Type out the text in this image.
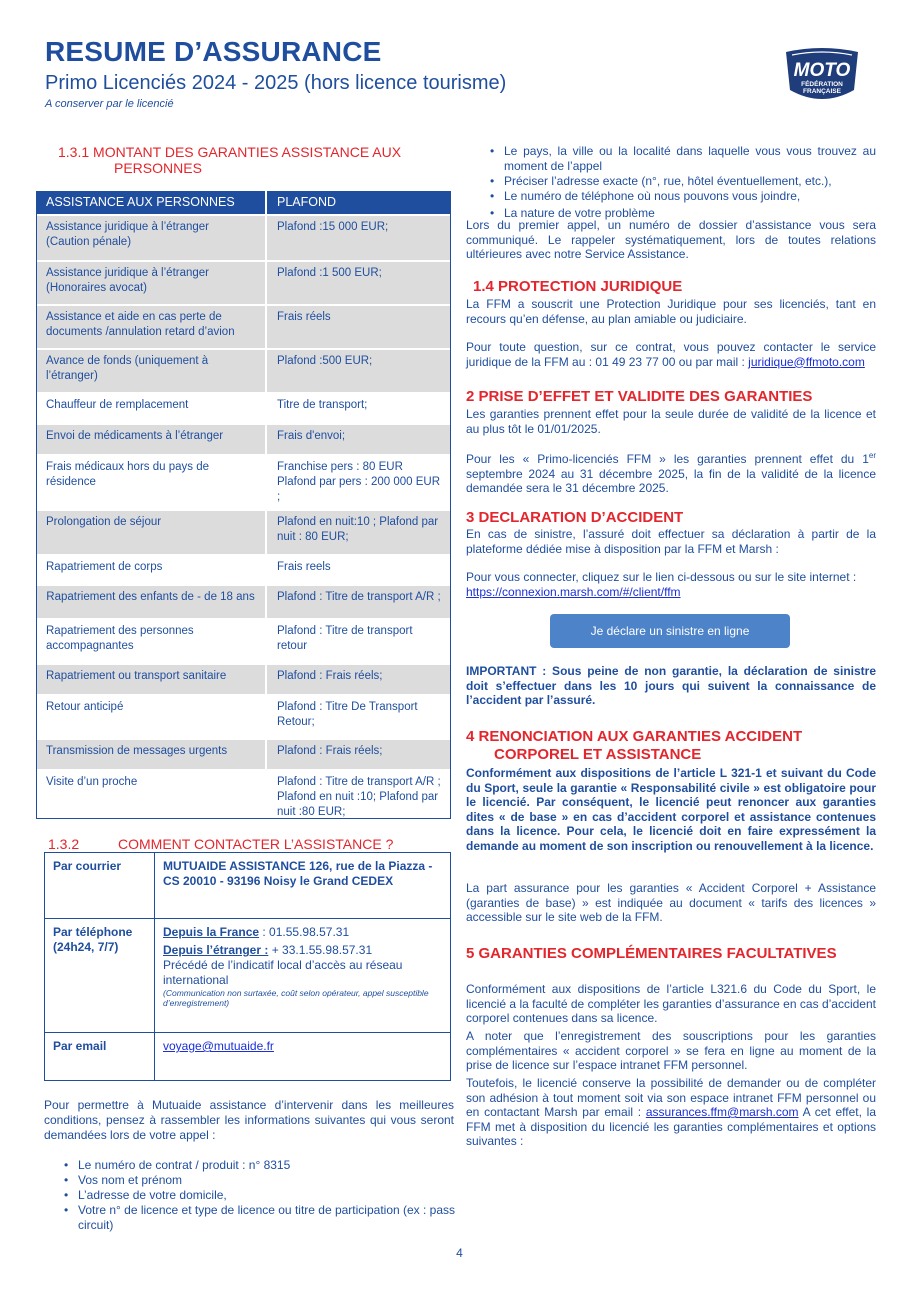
RESUME D’ASSURANCE
Primo Licenciés 2024 - 2025 (hors licence tourisme)
A conserver par le licencié
MOTO
FÉDÉRATION
FRANÇAISE
1.3.1 MONTANT DES GARANTIES ASSISTANCE AUX
PERSONNES
ASSISTANCE AUX PERSONNES	PLAFOND
Assistance juridique à l’étranger (Caution pénale)	Plafond :15 000 EUR;
Assistance juridique à l’étranger (Honoraires avocat)	Plafond :1 500 EUR;
Assistance et aide en cas perte de documents /annulation retard d’avion	Frais réels
Avance de fonds (uniquement à l’étranger)	Plafond :500 EUR;
Chauffeur de remplacement	Titre de transport;
Envoi de médicaments à l’étranger	Frais d'envoi;
Frais médicaux hors du pays de résidence	Franchise pers : 80 EUR Plafond par pers : 200 000 EUR ;
Prolongation de séjour	Plafond en nuit:10 ; Plafond par nuit : 80 EUR;
Rapatriement de corps	Frais reels
Rapatriement des enfants de - de 18 ans	Plafond : Titre de transport A/R ;
Rapatriement des personnes accompagnantes	Plafond : Titre de transport retour
Rapatriement ou transport sanitaire	Plafond : Frais réels;
Retour anticipé	Plafond : Titre De Transport Retour;
Transmission de messages urgents	Plafond : Frais réels;
Visite d’un proche	Plafond : Titre de transport A/R ; Plafond en nuit :10; Plafond par nuit :80 EUR;
1.3.2	COMMENT CONTACTER L’ASSISTANCE ?
Par courrier	MUTUAIDE ASSISTANCE 126, rue de la Piazza - CS 20010 - 93196 Noisy le Grand CEDEX
Par téléphone (24h24, 7/7)	Depuis la France : 01.55.98.57.31
Depuis l’étranger : + 33.1.55.98.57.31
Précédé de l’indicatif local d’accès au réseau international
(Communication non surtaxée, coût selon opérateur, appel susceptible d’enregistrement)

Par email	voyage@mutuaide.fr
Pour permettre à Mutuaide assistance d’intervenir dans les meilleures conditions, pensez à rassembler les informations suivantes qui vous seront demandées lors de votre appel :
• Le numéro de contrat / produit : n° 8315
• Vos nom et prénom
• L’adresse de votre domicile,
• Votre n° de licence et type de licence ou titre de participation (ex : pass circuit)
• Le pays, la ville ou la localité dans laquelle vous vous trouvez au moment de l’appel
• Préciser l’adresse exacte (n°, rue, hôtel éventuellement, etc.),
• Le numéro de téléphone où nous pouvons vous joindre,
• La nature de votre problème
Lors du premier appel, un numéro de dossier d’assistance vous sera communiqué. Le rappeler systématiquement, lors de toutes relations ultérieures avec notre Service Assistance.
1.4 PROTECTION JURIDIQUE
La FFM a souscrit une Protection Juridique pour ses licenciés, tant en recours qu’en défense, au plan amiable ou judiciaire.
Pour toute question, sur ce contrat, vous pouvez contacter le service juridique de la FFM au : 01 49 23 77 00 ou par mail : juridique@ffmoto.com
2 PRISE D’EFFET ET VALIDITE DES GARANTIES
Les garanties prennent effet pour la seule durée de validité de la licence et au plus tôt le 01/01/2025.
Pour les « Primo-licenciés FFM » les garanties prennent effet du 1er septembre 2024 au 31 décembre 2025, la fin de la validité de la licence demandée sera le 31 décembre 2025.
3 DECLARATION D’ACCIDENT
En cas de sinistre, l’assuré doit effectuer sa déclaration à partir de la plateforme dédiée mise à disposition par la FFM et Marsh :
Pour vous connecter, cliquez sur le lien ci-dessous ou sur le site internet :
https://connexion.marsh.com/#/client/ffm
Je déclare un sinistre en ligne
IMPORTANT : Sous peine de non garantie, la déclaration de sinistre doit s’effectuer dans les 10 jours qui suivent la connaissance de l’accident par l’assuré.
4 RENONCIATION AUX GARANTIES ACCIDENT
CORPOREL ET ASSISTANCE
Conformément aux dispositions de l’article L 321-1 et suivant du Code du Sport, seule la garantie « Responsabilité civile » est obligatoire pour le licencié. Par conséquent, le licencié peut renoncer aux garanties dites « de base » en cas d’accident corporel et assistance contenues dans la licence. Pour cela, le licencié doit en faire expressément la demande au moment de son inscription ou renouvellement à la licence.
La part assurance pour les garanties « Accident Corporel + Assistance (garanties de base) » est indiquée au document « tarifs des licences » accessible sur le site web de la FFM.
5 GARANTIES COMPLÉMENTAIRES FACULTATIVES
Conformément aux dispositions de l’article L321.6 du Code du Sport, le licencié a la faculté de compléter les garanties d’assurance en cas d’accident corporel contenues dans sa licence.
A noter que l’enregistrement des souscriptions pour les garanties complémentaires « accident corporel » se fera en ligne au moment de la prise de licence sur l’espace intranet FFM personnel.
Toutefois, le licencié conserve la possibilité de demander ou de compléter son adhésion à tout moment soit via son espace intranet FFM personnel ou en contactant Marsh par email : assurances.ffm@marsh.com A cet effet, la FFM met à disposition du licencié les garanties complémentaires et options suivantes :
4
